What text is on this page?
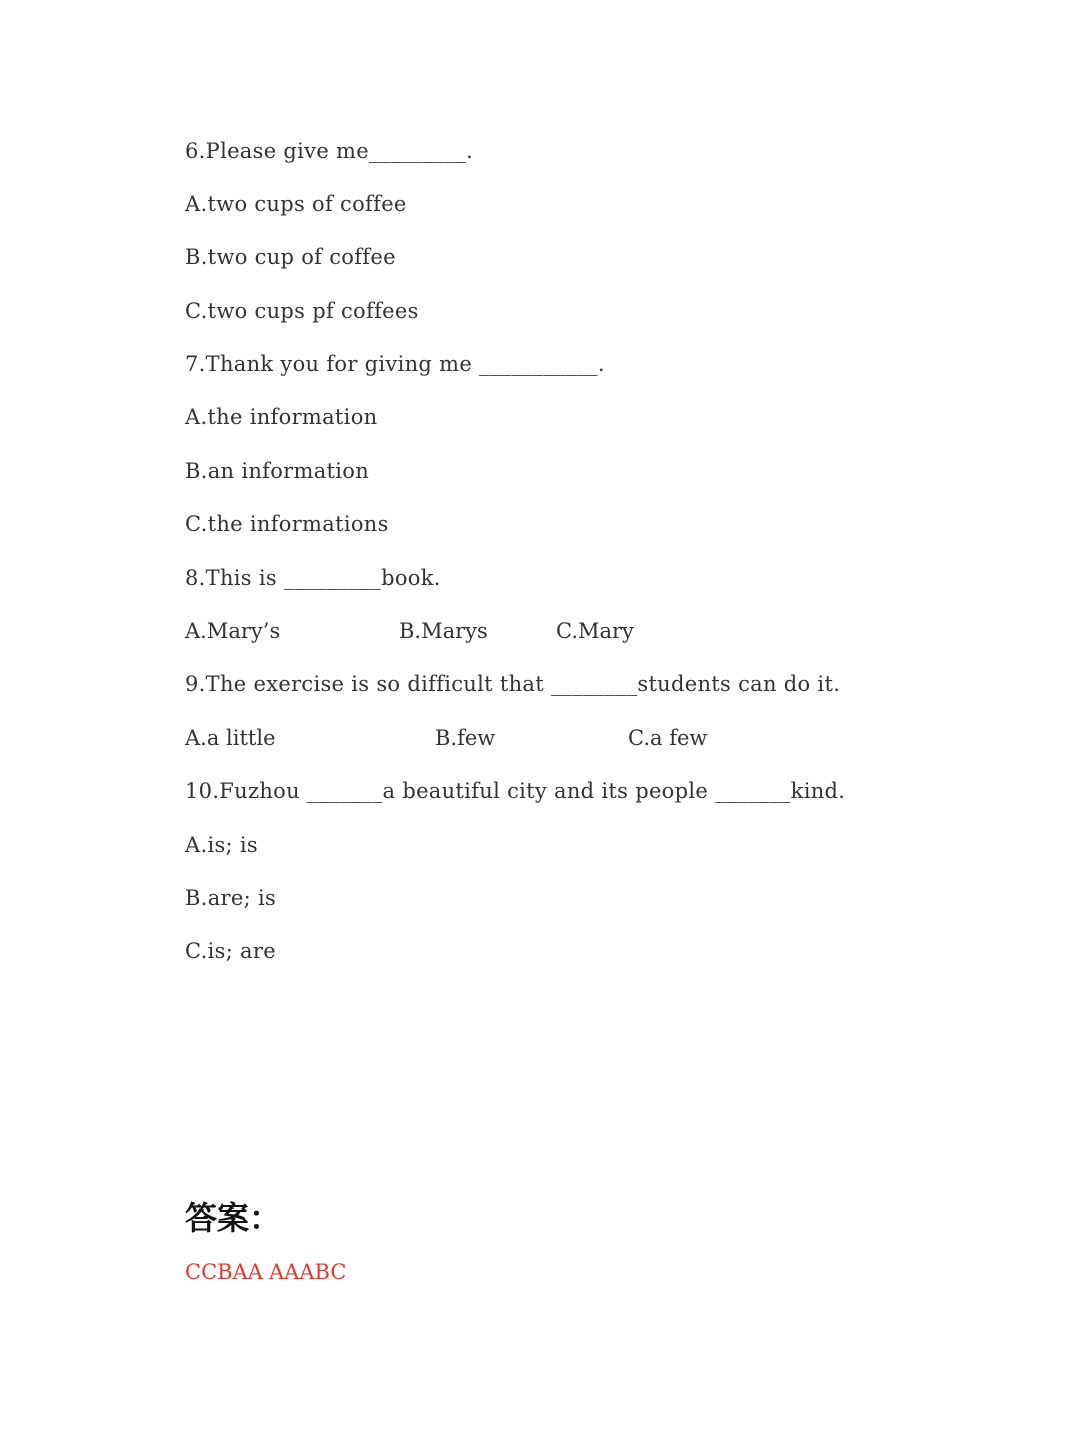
6.Please give me_________.
A.two cups of coffee
B.two cup of coffee
C.two cups pf coffees
7.Thank you for giving me ___________.
A.the information
B.an information
C.the informations
8.This is _________book.

A.Mary’s

	B.Marys

	C.Mary

9.The exercise is so difficult that ________students can do it.

A.a little

	B.few

	C.a few

10.Fuzhou _______a beautiful city and its people _______kind.
A.is; is
B.are; is
C.is; are
答案：

CCBAA

AAABC
